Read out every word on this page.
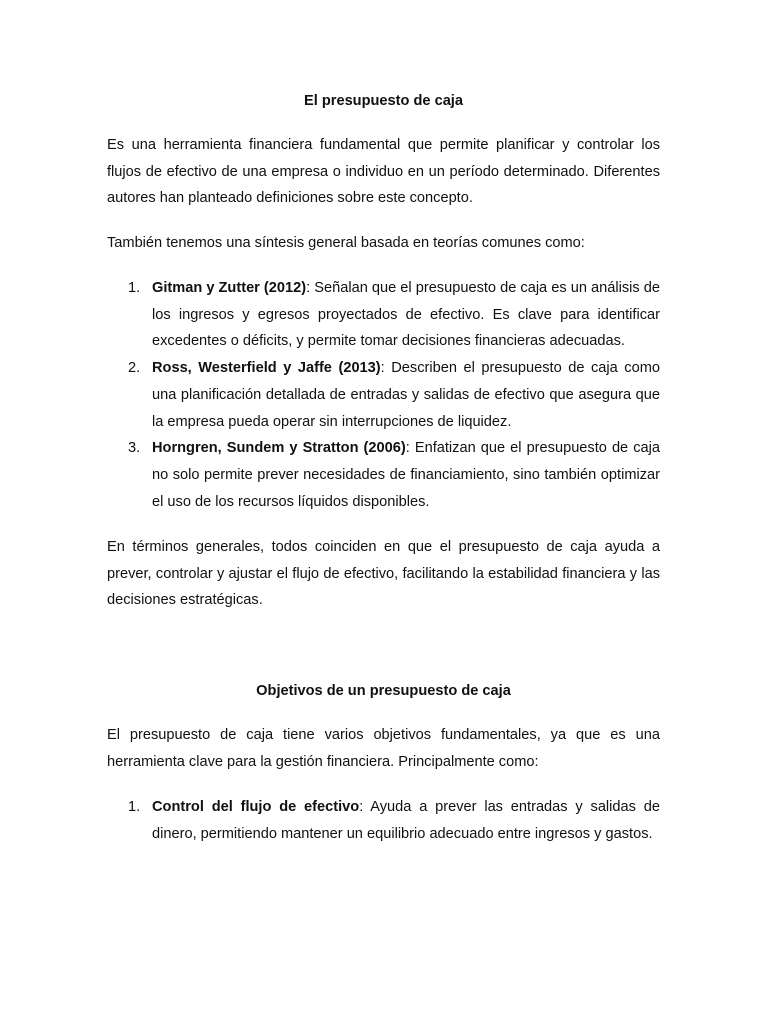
El presupuesto de caja

Es una herramienta financiera fundamental que permite planificar y controlar los flujos de efectivo de una empresa o individuo en un período determinado. Diferentes autores han planteado definiciones sobre este concepto.

También tenemos una síntesis general basada en teorías comunes como:

1. Gitman y Zutter (2012): Señalan que el presupuesto de caja es un análisis de los ingresos y egresos proyectados de efectivo. Es clave para identificar excedentes o déficits, y permite tomar decisiones financieras adecuadas.
2. Ross, Westerfield y Jaffe (2013): Describen el presupuesto de caja como una planificación detallada de entradas y salidas de efectivo que asegura que la empresa pueda operar sin interrupciones de liquidez.
3. Horngren, Sundem y Stratton (2006): Enfatizan que el presupuesto de caja no solo permite prever necesidades de financiamiento, sino también optimizar el uso de los recursos líquidos disponibles.

En términos generales, todos coinciden en que el presupuesto de caja ayuda a prever, controlar y ajustar el flujo de efectivo, facilitando la estabilidad financiera y las decisiones estratégicas.

Objetivos de un presupuesto de caja

El presupuesto de caja tiene varios objetivos fundamentales, ya que es una herramienta clave para la gestión financiera. Principalmente como:

1. Control del flujo de efectivo: Ayuda a prever las entradas y salidas de dinero, permitiendo mantener un equilibrio adecuado entre ingresos y gastos.
